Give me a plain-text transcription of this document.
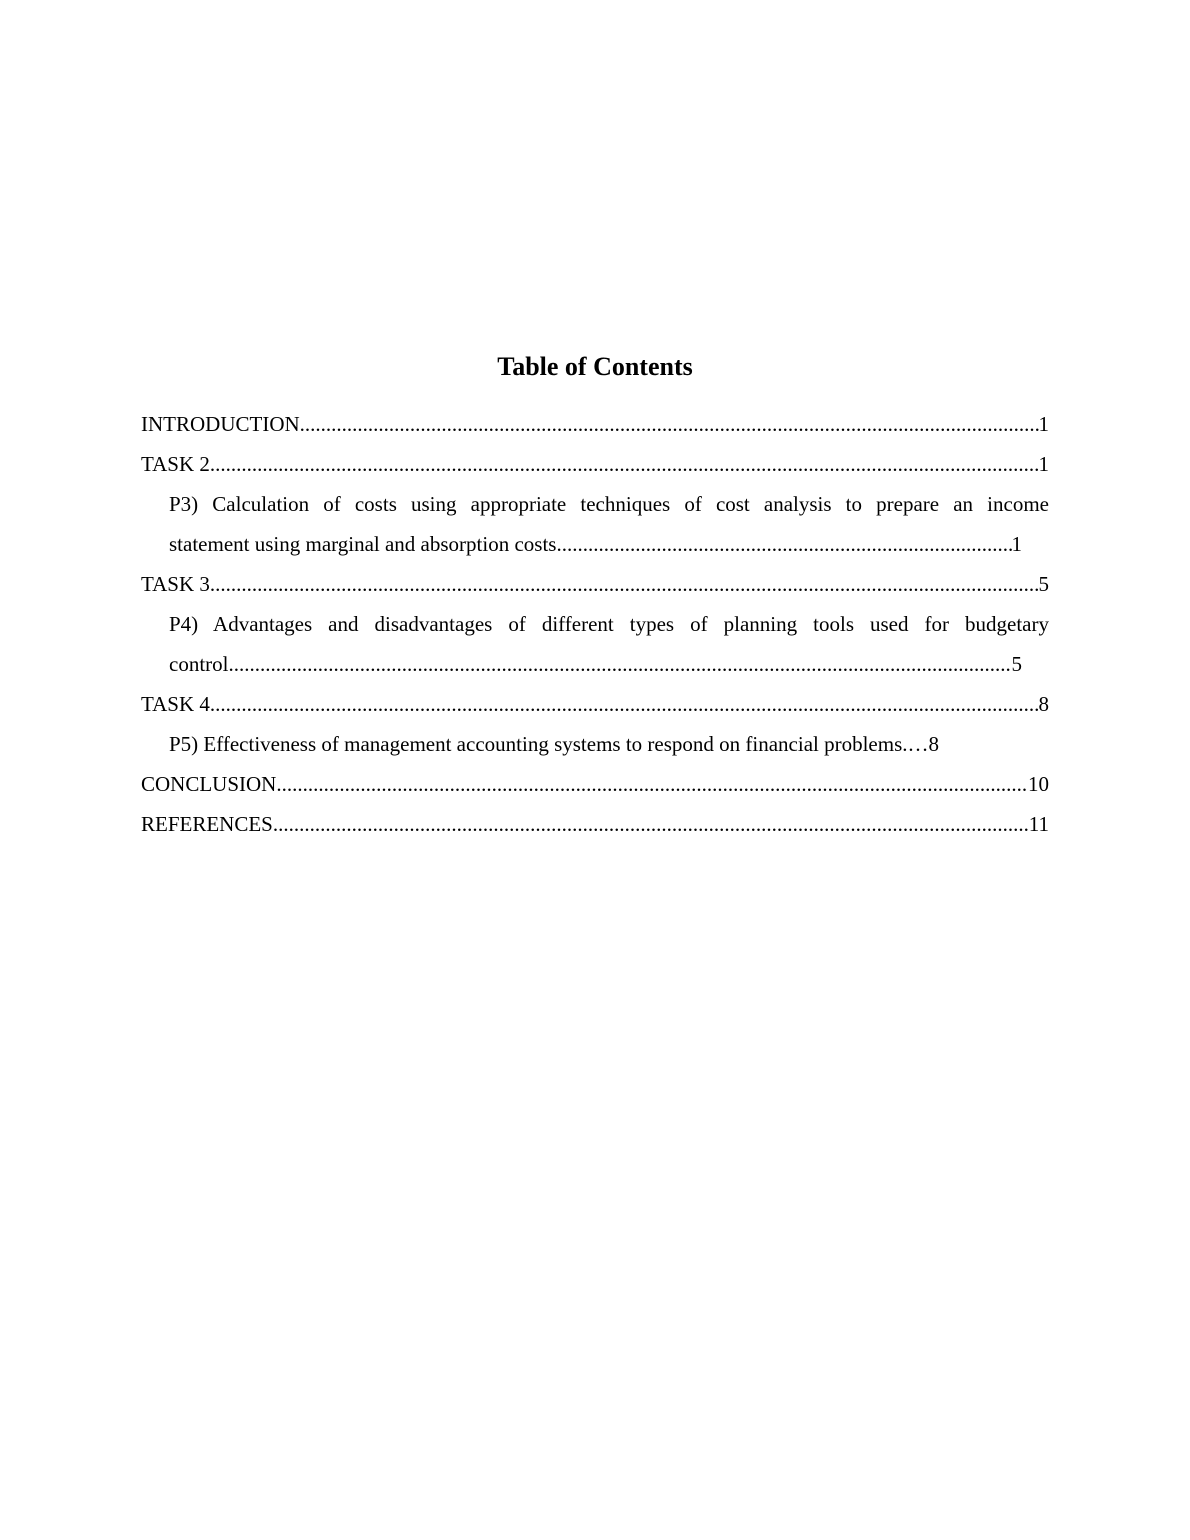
Table of Contents
INTRODUCTION .....	1
TASK 2 .....	1
P3) Calculation of costs using appropriate techniques of cost analysis to prepare an income
statement using marginal and absorption costs .....	1
TASK 3 .....	5
P4) Advantages and disadvantages of different types of planning tools used for budgetary
control .....	5
TASK 4 .....	8
P5) Effectiveness of management accounting systems to respond on financial problems. … 8
CONCLUSION .....	10
REFERENCES .....	11
